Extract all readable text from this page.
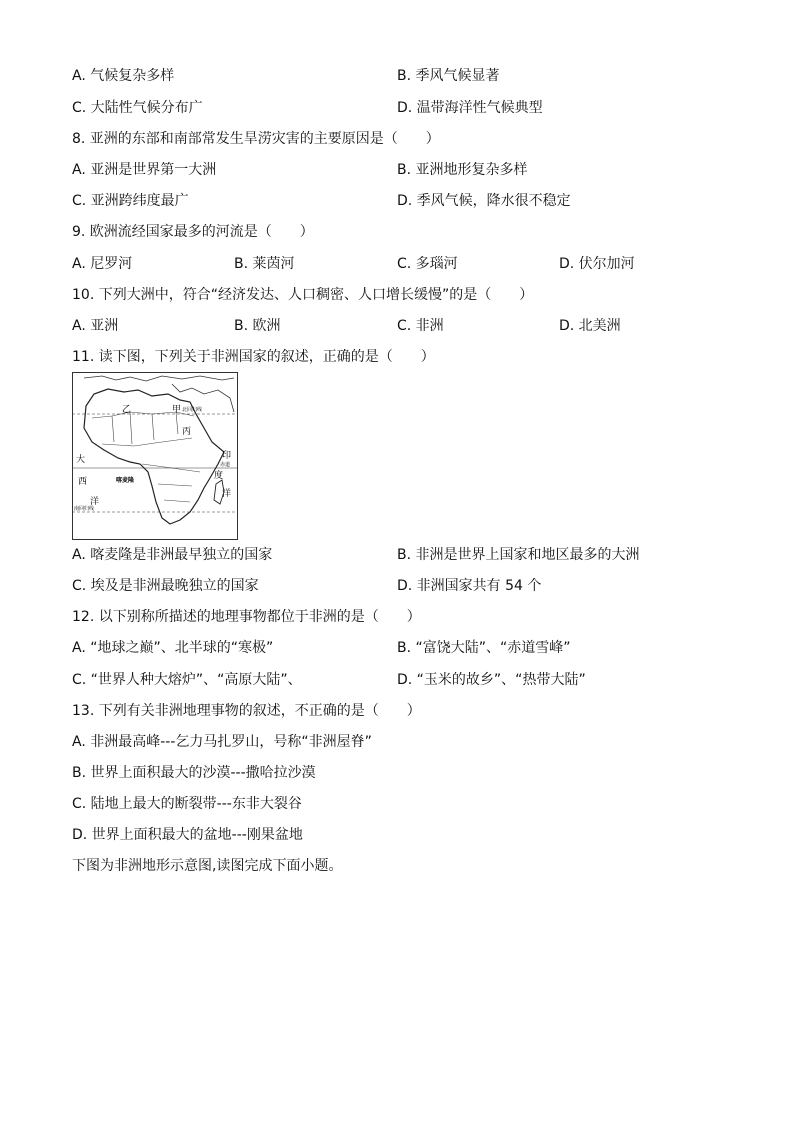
A. 气候复杂多样	B. 季风气候显著
C. 大陆性气候分布广	D. 温带海洋性气候典型
8. 亚洲的东部和南部常发生旱涝灾害的主要原因是（　　）
A. 亚洲是世界第一大洲	B. 亚洲地形复杂多样
C. 亚洲跨纬度最广	D. 季风气候，降水很不稳定
9. 欧洲流经国家最多的河流是（　　）
A. 尼罗河	B. 莱茵河	C. 多瑙河	D. 伏尔加河
10. 下列大洲中，符合“经济发达、人口稠密、人口增长缓慢”的是（　　）
A. 亚洲	B. 欧洲	C. 非洲	D. 北美洲
11. 读下图，下列关于非洲国家的叙述，正确的是（　　）
乙	甲 北回归线
丙
大	印
赤道
西	喀麦隆	度
洋
洋
南回归线
A. 喀麦隆是非洲最早独立的国家	B. 非洲是世界上国家和地区最多的大洲
C. 埃及是非洲最晚独立的国家	D. 非洲国家共有 54 个
12. 以下别称所描述的地理事物都位于非洲的是（　　）
A. “地球之巅”、北半球的“寒极”	B. “富饶大陆”、“赤道雪峰”
C. “世界人种大熔炉”、“高原大陆”、	D. “玉米的故乡”、“热带大陆”
13. 下列有关非洲地理事物的叙述，不正确的是（　　）
A. 非洲最高峰---乞力马扎罗山，号称“非洲屋脊”
B. 世界上面积最大的沙漠---撒哈拉沙漠
C. 陆地上最大的断裂带---东非大裂谷
D. 世界上面积最大的盆地---刚果盆地
下图为非洲地形示意图,读图完成下面小题。
